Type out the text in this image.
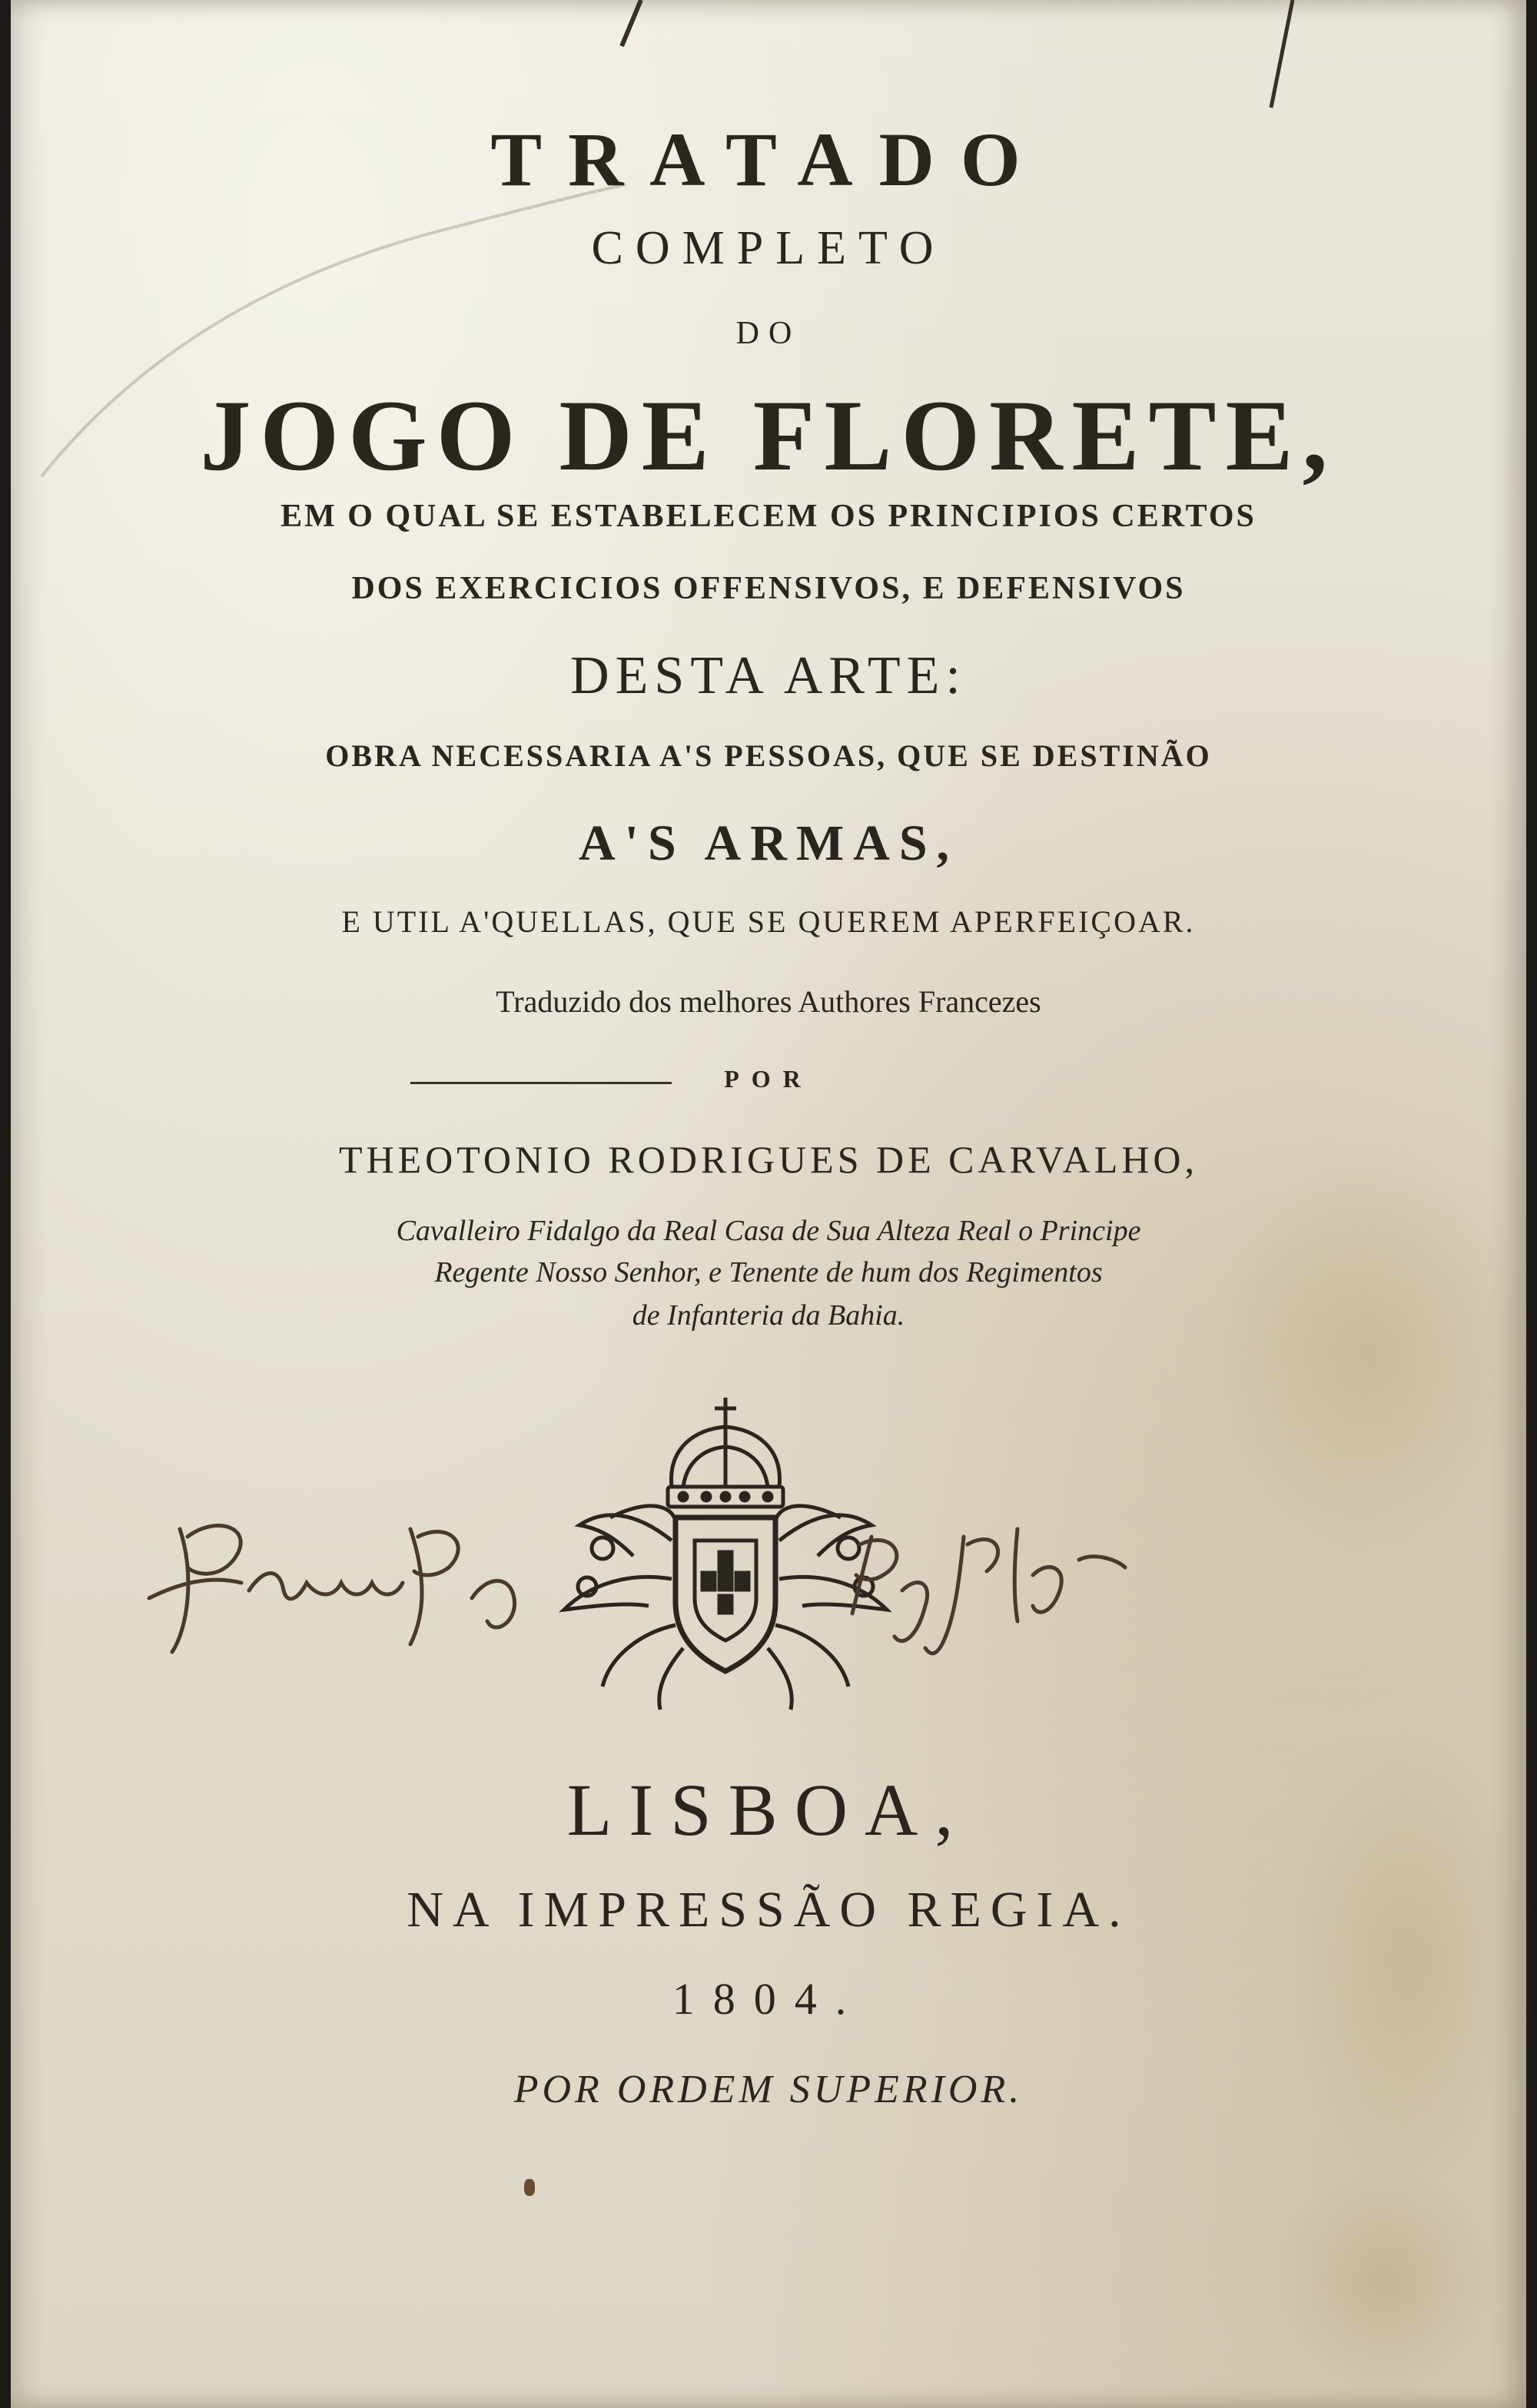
TRATADO
COMPLETO
DO
JOGO DE FLORETE,
EM O QUAL SE ESTABELECEM OS PRINCIPIOS CERTOS
DOS EXERCICIOS OFFENSIVOS, E DEFENSIVOS
DESTA ARTE:
OBRA NECESSARIA A'S PESSOAS, QUE SE DESTINÃO
A'S ARMAS,
E UTIL A'QUELLAS, QUE SE QUEREM APERFEIÇOAR.
Traduzido dos melhores Authores Francezes
POR
THEOTONIO RODRIGUES DE CARVALHO,
Cavalleiro Fidalgo da Real Casa de Sua Alteza Real o Principe
Regente Nosso Senhor, e Tenente de hum dos Regimentos
de Infanteria da Bahia.
LISBOA,
NA IMPRESSÃO REGIA.
1804.
POR ORDEM SUPERIOR.
